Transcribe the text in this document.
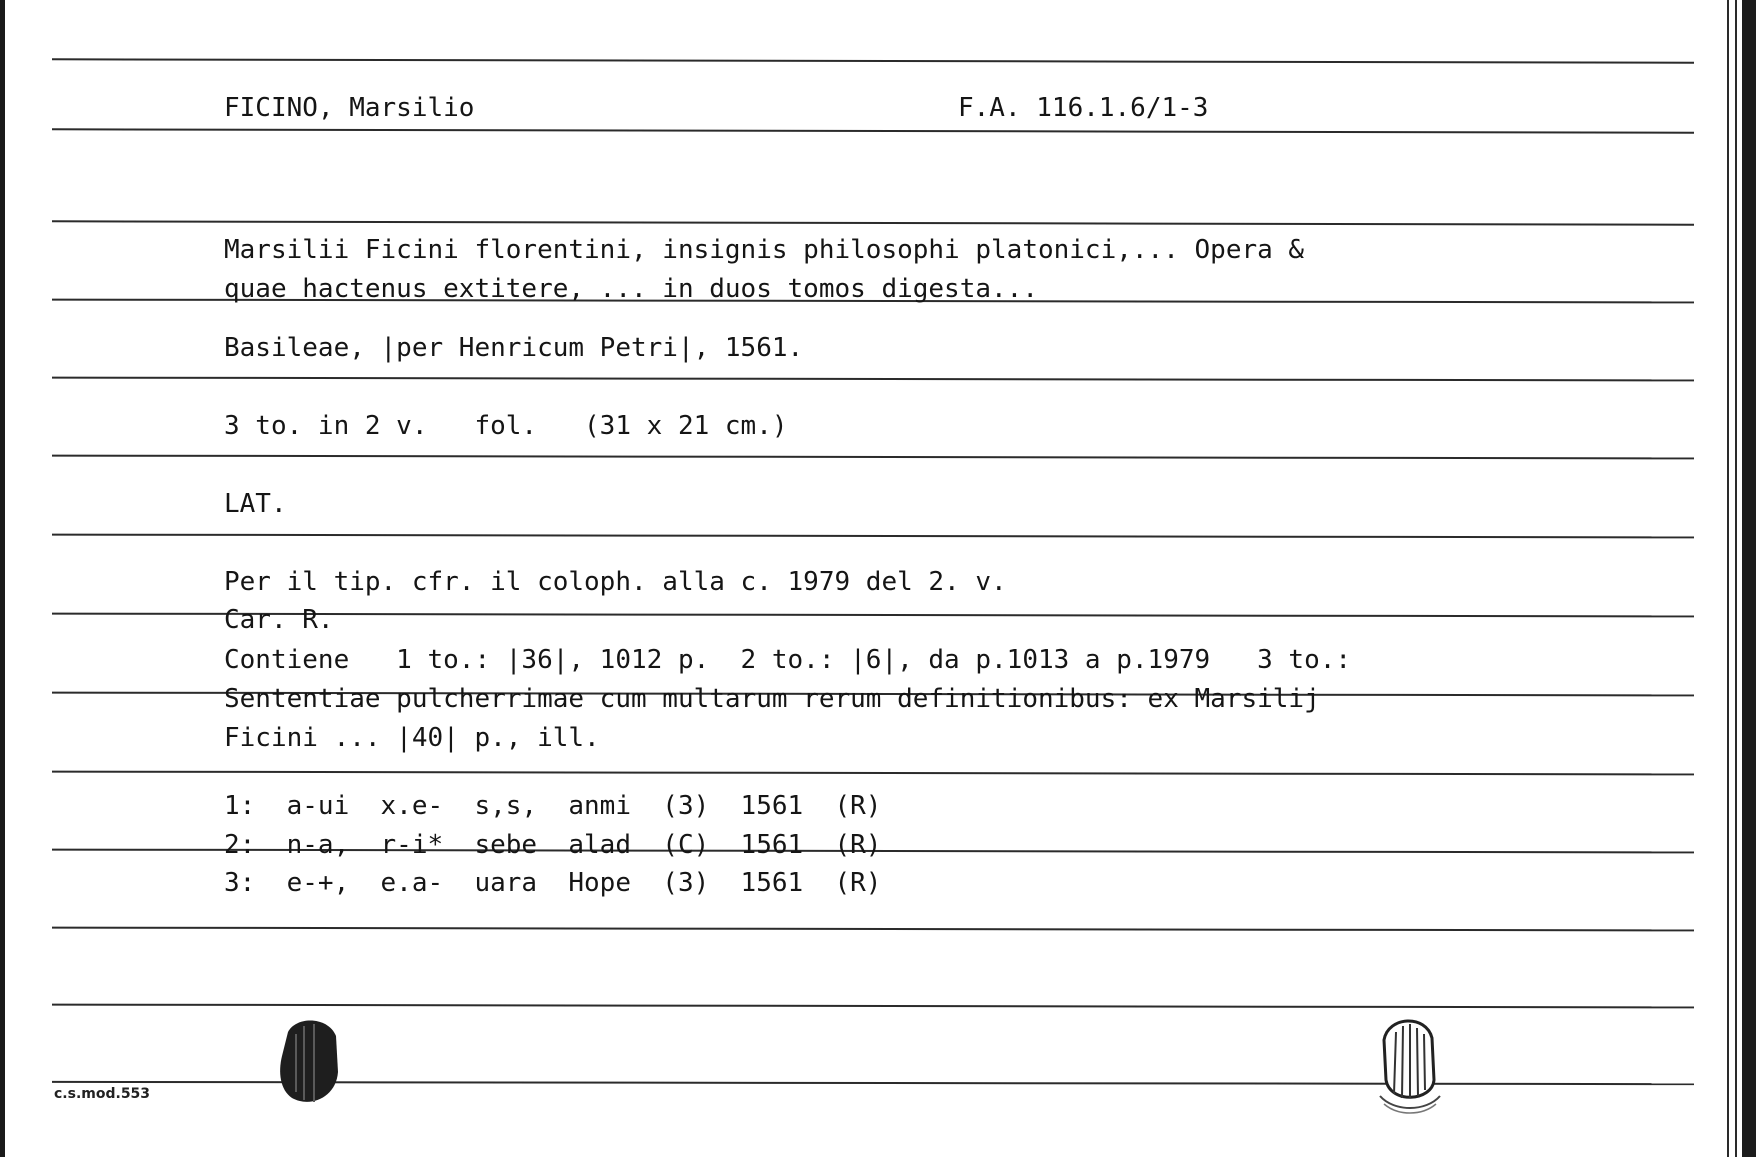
FICINO, Marsilio	F.A. 116.1.6/1-3
Marsilii Ficini florentini, insignis philosophi platonici,... Opera &
quae hactenus extitere, ... in duos tomos digesta...
Basileae, |per Henricum Petri|, 1561.
3 to. in 2 v.   fol.   (31 x 21 cm.)
LAT.
Per il tip. cfr. il coloph. alla c. 1979 del 2. v.
Car. R.
Contiene   1 to.: |36|, 1012 p.  2 to.: |6|, da p.1013 a p.1979   3 to.:
Sententiae pulcherrimae cum multarum rerum definitionibus: ex Marsilij
Ficini ... |40| p., ill.
1:  a-ui  x.e-  s,s,  anmi  (3)  1561  (R)
2:  n-a,  r-i*  sebe  alad  (C)  1561  (R)
3:  e-+,  e.a-  uara  Hope  (3)  1561  (R)
c.s.mod.553
